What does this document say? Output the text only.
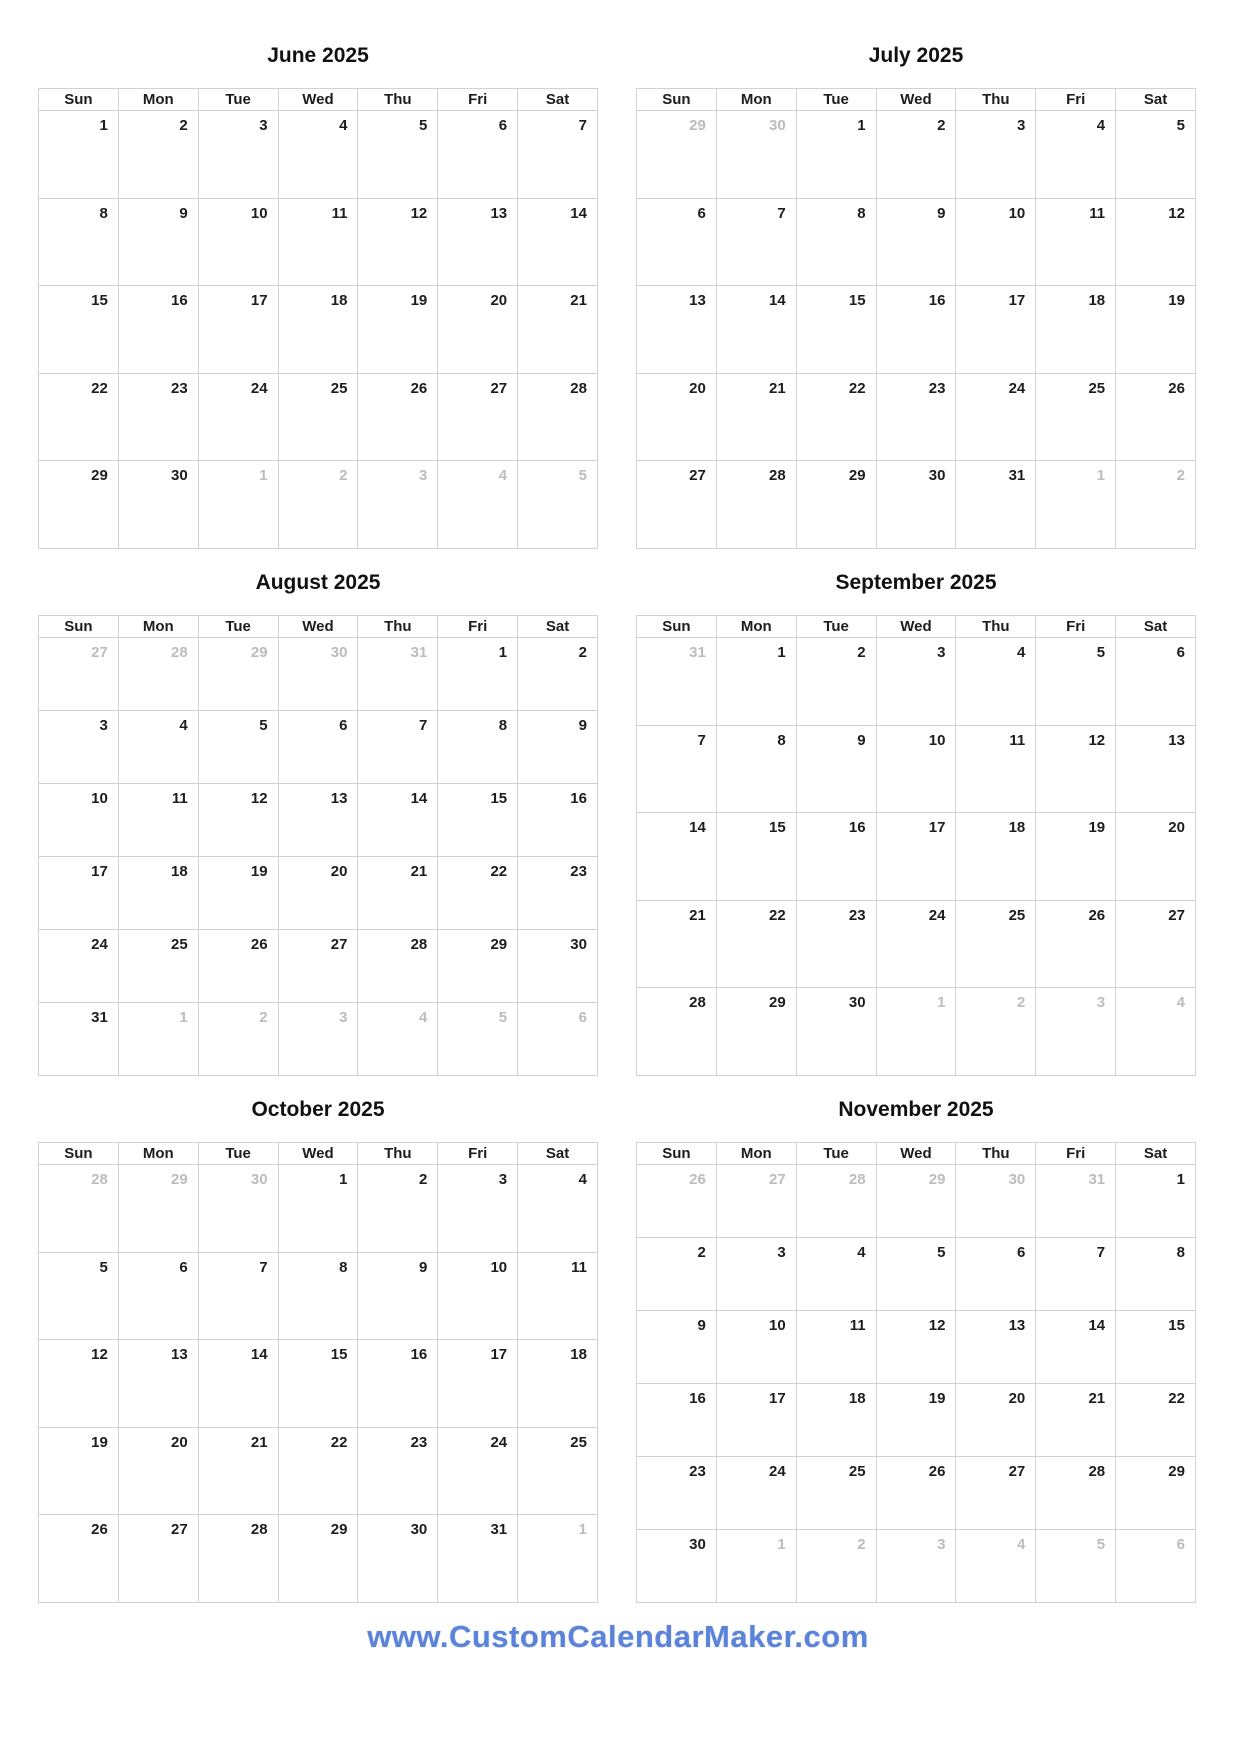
June 2025
Sun	Mon	Tue	Wed	Thu	Fri	Sat
1	2	3	4	5	6	7
8	9	10	11	12	13	14
15	16	17	18	19	20	21
22	23	24	25	26	27	28
29	30	1	2	3	4	5
July 2025
Sun	Mon	Tue	Wed	Thu	Fri	Sat
29	30	1	2	3	4	5
6	7	8	9	10	11	12
13	14	15	16	17	18	19
20	21	22	23	24	25	26
27	28	29	30	31	1	2
August 2025
Sun	Mon	Tue	Wed	Thu	Fri	Sat
27	28	29	30	31	1	2
3	4	5	6	7	8	9
10	11	12	13	14	15	16
17	18	19	20	21	22	23
24	25	26	27	28	29	30
31	1	2	3	4	5	6
September 2025
Sun	Mon	Tue	Wed	Thu	Fri	Sat
31	1	2	3	4	5	6
7	8	9	10	11	12	13
14	15	16	17	18	19	20
21	22	23	24	25	26	27
28	29	30	1	2	3	4
October 2025
Sun	Mon	Tue	Wed	Thu	Fri	Sat
28	29	30	1	2	3	4
5	6	7	8	9	10	11
12	13	14	15	16	17	18
19	20	21	22	23	24	25
26	27	28	29	30	31	1
November 2025
Sun	Mon	Tue	Wed	Thu	Fri	Sat
26	27	28	29	30	31	1
2	3	4	5	6	7	8
9	10	11	12	13	14	15
16	17	18	19	20	21	22
23	24	25	26	27	28	29
30	1	2	3	4	5	6
www.CustomCalendarMaker.com
